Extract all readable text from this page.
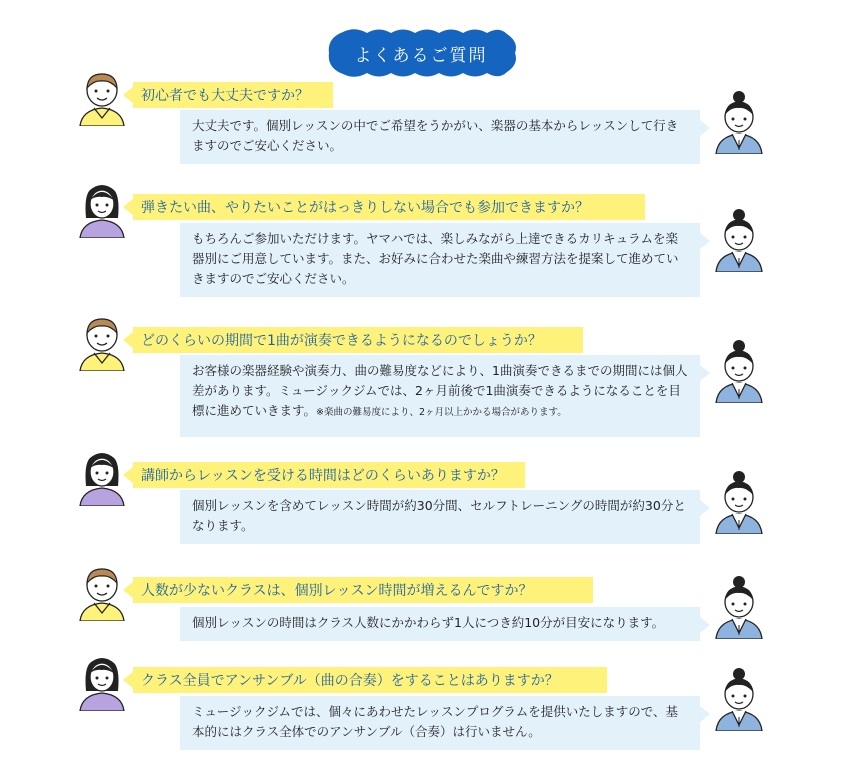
よくあるご質問
初心者でも大丈夫ですか？
大丈夫です。個別レッスンの中でご希望をうかがい、楽器の基本からレッスンして行きますのでご安心ください。
弾きたい曲、やりたいことがはっきりしない場合でも参加できますか？
もちろんご参加いただけます。ヤマハでは、楽しみながら上達できるカリキュラムを楽器別にご用意しています。また、お好みに合わせた楽曲や練習方法を提案して進めていきますのでご安心ください。
どのくらいの期間で1曲が演奏できるようになるのでしょうか？
お客様の楽器経験や演奏力、曲の難易度などにより、1曲演奏できるまでの期間には個人差があります。ミュージックジムでは、2ヶ月前後で1曲演奏できるようになることを目標に進めていきます。※楽曲の難易度により、2ヶ月以上かかる場合があります。
講師からレッスンを受ける時間はどのくらいありますか？
個別レッスンを含めてレッスン時間が約30分間、セルフトレーニングの時間が約30分となります。
人数が少ないクラスは、個別レッスン時間が増えるんですか？
個別レッスンの時間はクラス人数にかかわらず1人につき約10分が目安になります。
クラス全員でアンサンブル（曲の合奏）をすることはありますか？
ミュージックジムでは、個々にあわせたレッスンプログラムを提供いたしますので、基本的にはクラス全体でのアンサンブル（合奏）は行いません。
